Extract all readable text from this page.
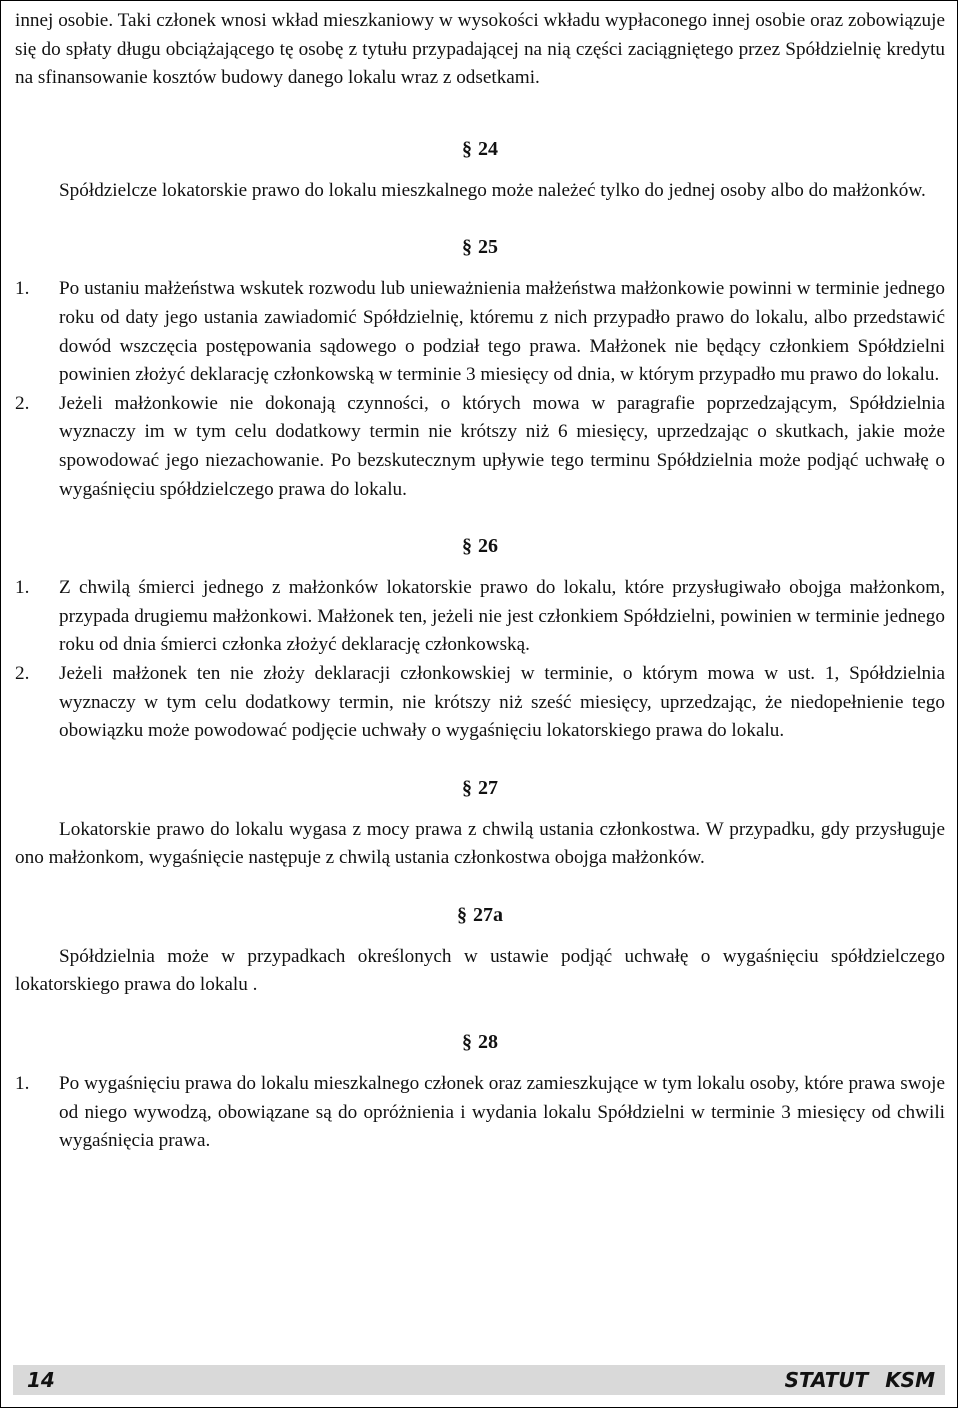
innej osobie. Taki członek wnosi wkład mieszkaniowy w wysokości wkładu wypłaconego innej osobie oraz zobowiązuje się do spłaty długu obciążającego tę osobę z tytułu przypadającej na nią części zaciągniętego przez Spółdzielnię kredytu na sfinansowanie kosztów budowy danego lokalu wraz z odsetkami.

§ 24

Spółdzielcze lokatorskie prawo do lokalu mieszkalnego może należeć tylko do jednej osoby albo do małżonków.

§ 25
1.	Po ustaniu małżeństwa wskutek rozwodu lub unieważnienia małżeństwa małżonkowie powinni w terminie jednego roku od daty jego ustania zawiadomić Spółdzielnię, któremu z nich przypadło prawo do lokalu, albo przedstawić dowód wszczęcia postępowania sądowego o podział tego prawa. Małżonek nie będący członkiem Spółdzielni powinien złożyć deklarację członkowską w terminie 3 miesięcy od dnia, w którym przypadło mu prawo do lokalu.
2.	Jeżeli małżonkowie nie dokonają czynności, o których mowa w paragrafie poprzedzającym, Spółdzielnia wyznaczy im w tym celu dodatkowy termin nie krótszy niż 6 miesięcy, uprzedzając o skutkach, jakie może spowodować jego niezachowanie. Po bezskutecznym upływie tego terminu Spółdzielnia może podjąć uchwałę o wygaśnięciu spółdzielczego prawa do lokalu.
§ 26
1.	Z chwilą śmierci jednego z małżonków lokatorskie prawo do lokalu, które przysługiwało obojga małżonkom, przypada drugiemu małżonkowi. Małżonek ten, jeżeli nie jest członkiem Spółdzielni, powinien w terminie jednego roku od dnia śmierci członka złożyć deklarację członkowską.
2.	Jeżeli małżonek ten nie złoży deklaracji członkowskiej w terminie, o którym mowa w ust. 1, Spółdzielnia wyznaczy w tym celu dodatkowy termin, nie krótszy niż sześć miesięcy, uprzedzając, że niedopełnienie tego obowiązku może powodować podjęcie uchwały o wygaśnięciu lokatorskiego prawa do lokalu.
§ 27

Lokatorskie prawo do lokalu wygasa z mocy prawa z chwilą ustania członkostwa. W przypadku, gdy przysługuje ono małżonkom, wygaśnięcie następuje z chwilą ustania członkostwa obojga małżonków.

§ 27a

Spółdzielnia może w przypadkach określonych w ustawie podjąć uchwałę o wygaśnięciu spółdzielczego lokatorskiego prawa do lokalu .

§ 28
1.	Po wygaśnięciu prawa do lokalu mieszkalnego członek oraz zamieszkujące w tym lokalu osoby, które prawa swoje od niego wywodzą, obowiązane są do opróżnienia i wydania lokalu Spółdzielni w terminie 3 miesięcy od chwili wygaśnięcia prawa.
14	STATUT KSM
